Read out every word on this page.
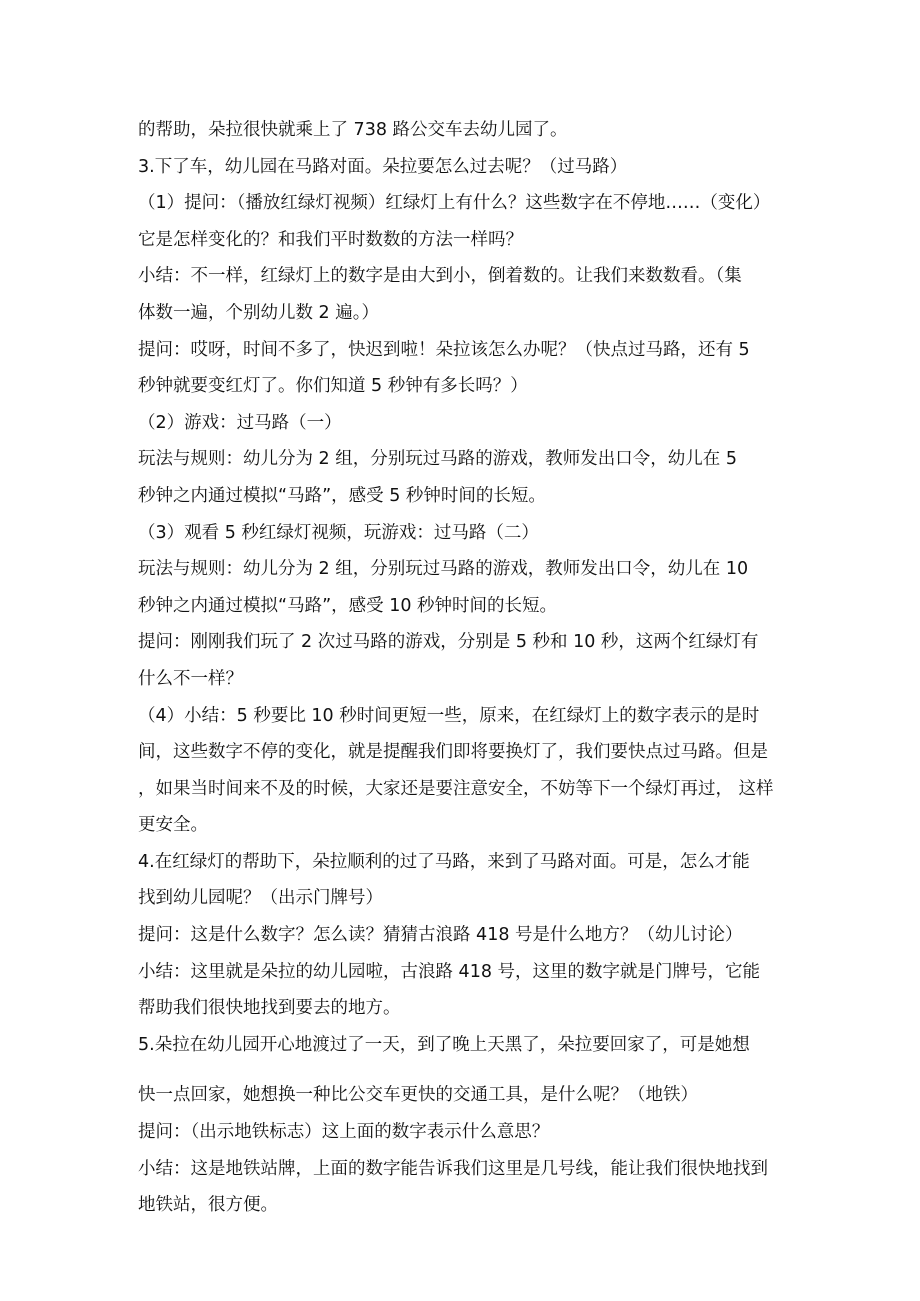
的帮助，朵拉很快就乘上了 738 路公交车去幼儿园了。
3.下了车，幼儿园在马路对面。朵拉要怎么过去呢？（过马路）
（1）提问：（播放红绿灯视频）红绿灯上有什么？这些数字在不停地……（变化）
它是怎样变化的？和我们平时数数的方法一样吗？
小结：不一样，红绿灯上的数字是由大到小，倒着数的。让我们来数数看。（集
体数一遍，个别幼儿数 2 遍。）
提问：哎呀，时间不多了，快迟到啦！朵拉该怎么办呢？（快点过马路，还有 5
秒钟就要变红灯了。你们知道 5 秒钟有多长吗？）
（2）游戏：过马路（一）
玩法与规则：幼儿分为 2 组，分别玩过马路的游戏，教师发出口令，幼儿在 5
秒钟之内通过模拟“马路”，感受 5 秒钟时间的长短。
（3）观看 5 秒红绿灯视频，玩游戏：过马路（二）
玩法与规则：幼儿分为 2 组，分别玩过马路的游戏，教师发出口令，幼儿在 10
秒钟之内通过模拟“马路”，感受 10 秒钟时间的长短。
提问：刚刚我们玩了 2 次过马路的游戏，分别是 5 秒和 10 秒，这两个红绿灯有
什么不一样？
（4）小结：5 秒要比 10 秒时间更短一些，原来，在红绿灯上的数字表示的是时
间，这些数字不停的变化，就是提醒我们即将要换灯了，我们要快点过马路。但是
，如果当时间来不及的时候，大家还是要注意安全，不妨等下一个绿灯再过， 这样
更安全。
4.在红绿灯的帮助下，朵拉顺利的过了马路，来到了马路对面。可是，怎么才能
找到幼儿园呢？（出示门牌号）
提问：这是什么数字？怎么读？猜猜古浪路 418 号是什么地方？（幼儿讨论）
小结：这里就是朵拉的幼儿园啦，古浪路 418 号，这里的数字就是门牌号，它能
帮助我们很快地找到要去的地方。
5.朵拉在幼儿园开心地渡过了一天，到了晚上天黑了，朵拉要回家了，可是她想
快一点回家，她想换一种比公交车更快的交通工具，是什么呢？（地铁）
提问：（出示地铁标志）这上面的数字表示什么意思？
小结：这是地铁站牌，上面的数字能告诉我们这里是几号线，能让我们很快地找到
地铁站，很方便。
